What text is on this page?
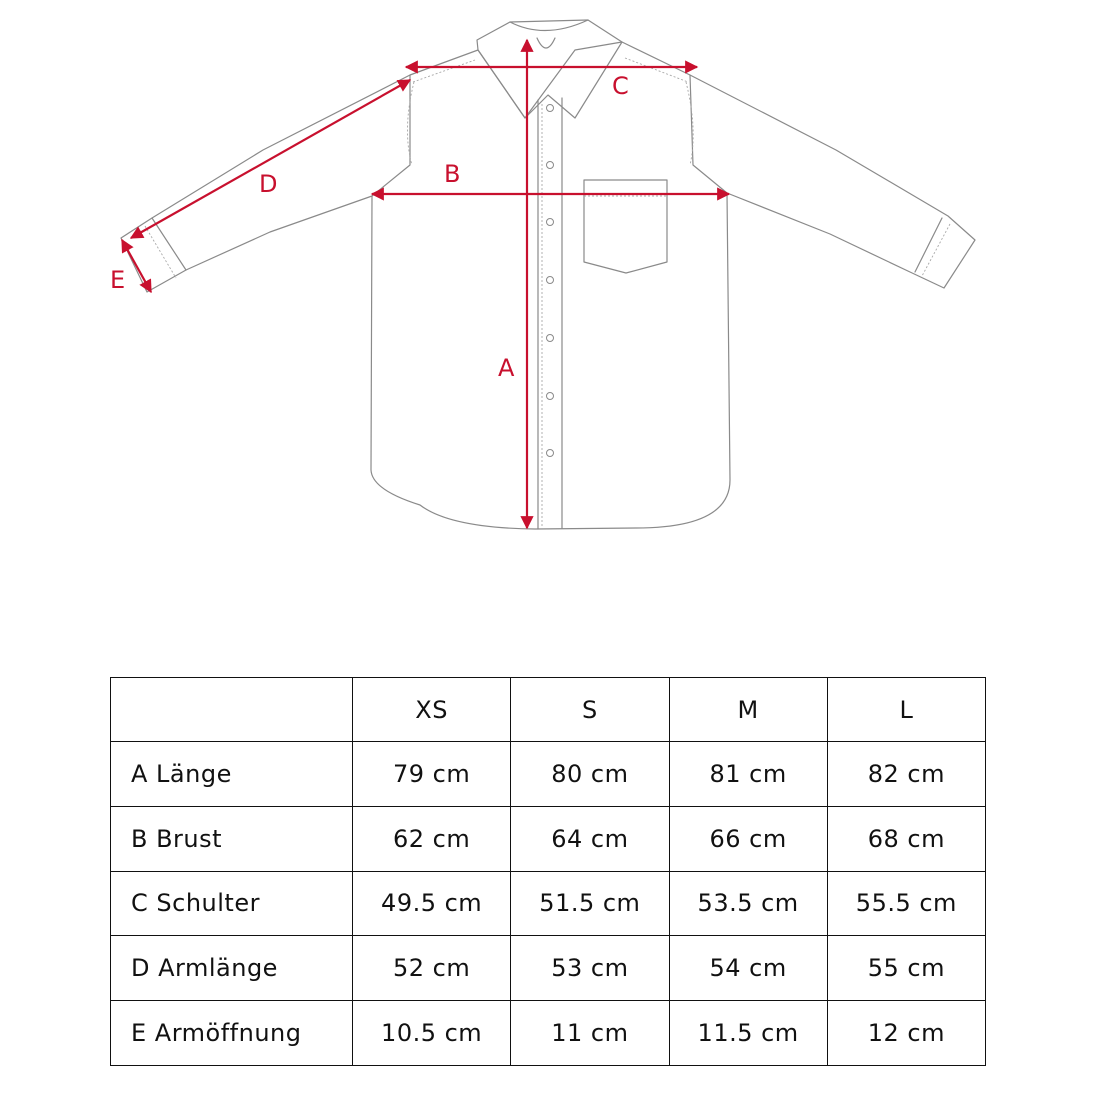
A
B
C
D
E
	XS	S	M	L
A Länge	79 cm	80 cm	81 cm	82 cm
B Brust	62 cm	64 cm	66 cm	68 cm
C Schulter	49.5 cm	51.5 cm	53.5 cm	55.5 cm
D Armlänge	52 cm	53 cm	54 cm	55 cm
E Armöffnung	10.5 cm	11 cm	11.5 cm	12 cm
